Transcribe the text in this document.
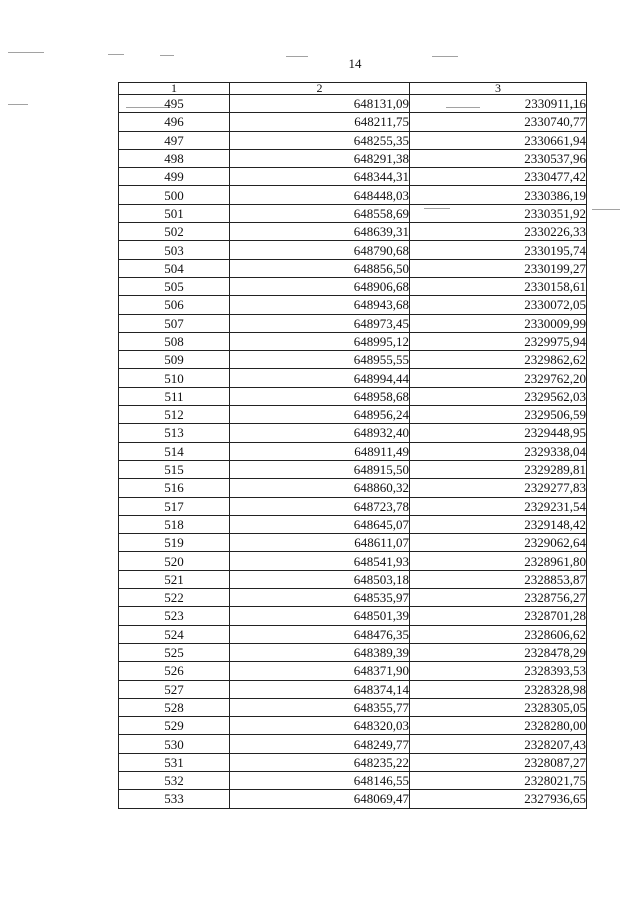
14
1	2	3
495	648131,09	2330911,16
496	648211,75	2330740,77
497	648255,35	2330661,94
498	648291,38	2330537,96
499	648344,31	2330477,42
500	648448,03	2330386,19
501	648558,69	2330351,92
502	648639,31	2330226,33
503	648790,68	2330195,74
504	648856,50	2330199,27
505	648906,68	2330158,61
506	648943,68	2330072,05
507	648973,45	2330009,99
508	648995,12	2329975,94
509	648955,55	2329862,62
510	648994,44	2329762,20
511	648958,68	2329562,03
512	648956,24	2329506,59
513	648932,40	2329448,95
514	648911,49	2329338,04
515	648915,50	2329289,81
516	648860,32	2329277,83
517	648723,78	2329231,54
518	648645,07	2329148,42
519	648611,07	2329062,64
520	648541,93	2328961,80
521	648503,18	2328853,87
522	648535,97	2328756,27
523	648501,39	2328701,28
524	648476,35	2328606,62
525	648389,39	2328478,29
526	648371,90	2328393,53
527	648374,14	2328328,98
528	648355,77	2328305,05
529	648320,03	2328280,00
530	648249,77	2328207,43
531	648235,22	2328087,27
532	648146,55	2328021,75
533	648069,47	2327936,65
